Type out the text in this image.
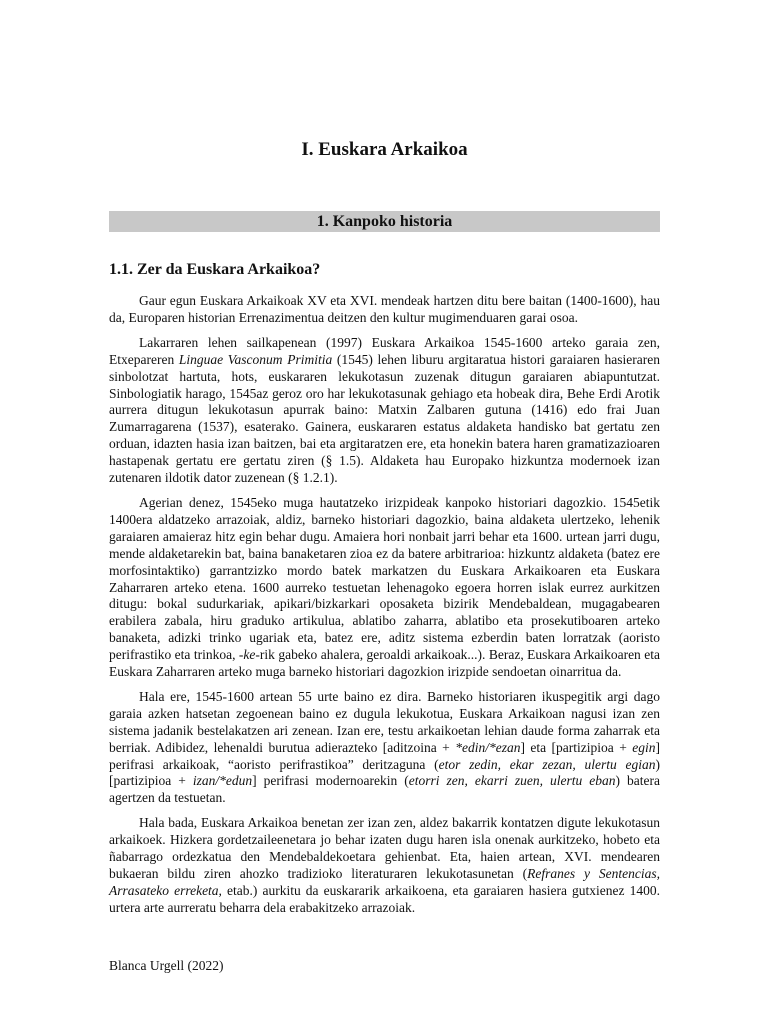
I. Euskara Arkaikoa
1. Kanpoko historia
1.1. Zer da Euskara Arkaikoa?

Gaur egun Euskara Arkaikoak XV eta XVI. mendeak hartzen ditu bere baitan (1400-1600), hau da, Europaren historian Errenazimentua deitzen den kultur mugimenduaren garai osoa.

Lakarraren lehen sailkapenean (1997) Euskara Arkaikoa 1545-1600 arteko garaia zen, Etxepareren Linguae Vasconum Primitia (1545) lehen liburu argitaratua histori garaiaren hasieraren sinbolotzat hartuta, hots, euskararen lekukotasun zuzenak ditugun garaiaren abiapuntutzat. Sinbologiatik harago, 1545az geroz oro har lekukotasunak gehiago eta hobeak dira, Behe Erdi Arotik aurrera ditugun lekukotasun apurrak baino: Matxin Zalbaren gutuna (1416) edo frai Juan Zumarragarena (1537), esaterako. Gainera, euskararen estatus aldaketa handisko bat gertatu zen orduan, idazten hasia izan baitzen, bai eta argitaratzen ere, eta honekin batera haren gramatizazioaren hastapenak gertatu ere gertatu ziren (§ 1.5). Aldaketa hau Europako hizkuntza modernoek izan zutenaren ildotik dator zuzenean (§ 1.2.1).

Agerian denez, 1545eko muga hautatzeko irizpideak kanpoko historiari dagozkio. 1545etik 1400era aldatzeko arrazoiak, aldiz, barneko historiari dagozkio, baina aldaketa ulertzeko, lehenik garaiaren amaieraz hitz egin behar dugu. Amaiera hori nonbait jarri behar eta 1600. urtean jarri dugu, mende aldaketarekin bat, baina banaketaren zioa ez da batere arbitrarioa: hizkuntz aldaketa (batez ere morfosintaktiko) garrantzizko mordo batek markatzen du Euskara Arkaikoaren eta Euskara Zaharraren arteko etena. 1600 aurreko testuetan lehenagoko egoera horren islak eurrez aurkitzen ditugu: bokal sudurkariak, apikari/bizkarkari oposaketa bizirik Mendebaldean, mugagabearen erabilera zabala, hiru graduko artikulua, ablatibo zaharra, ablatibo eta prosekutiboaren arteko banaketa, adizki trinko ugariak eta, batez ere, aditz sistema ezberdin baten lorratzak (aoristo perifrastiko eta trinkoa, -ke-rik gabeko ahalera, geroaldi arkaikoak...). Beraz, Euskara Arkaikoaren eta Euskara Zaharraren arteko muga barneko historiari dagozkion irizpide sendoetan oinarritua da.

Hala ere, 1545-1600 artean 55 urte baino ez dira. Barneko historiaren ikuspegitik argi dago garaia azken hatsetan zegoenean baino ez dugula lekukotua, Euskara Arkaikoan nagusi izan zen sistema jadanik bestelakatzen ari zenean. Izan ere, testu arkaikoetan lehian daude forma zaharrak eta berriak. Adibidez, lehenaldi burutua adierazteko [aditzoina + *edin/*ezan] eta [partizipioa + egin] perifrasi arkaikoak, “aoristo perifrastikoa” deritzaguna (etor zedin, ekar zezan, ulertu egian) [partizipioa + izan/*edun] perifrasi modernoarekin (etorri zen, ekarri zuen, ulertu eban) batera agertzen da testuetan.

Hala bada, Euskara Arkaikoa benetan zer izan zen, aldez bakarrik kontatzen digute lekukotasun arkaikoek. Hizkera gordetzaileenetara jo behar izaten dugu haren isla onenak aurkitzeko, hobeto eta ñabarrago ordezkatua den Mendebaldekoetara gehienbat. Eta, haien artean, XVI. mendearen bukaeran bildu ziren ahozko tradizioko literaturaren lekukotasunetan (Refranes y Sentencias, Arrasateko erreketa, etab.) aurkitu da euskararik arkaikoena, eta garaiaren hasiera gutxienez 1400. urtera arte aurreratu beharra dela erabakitzeko arrazoiak.

Blanca Urgell (2022)
